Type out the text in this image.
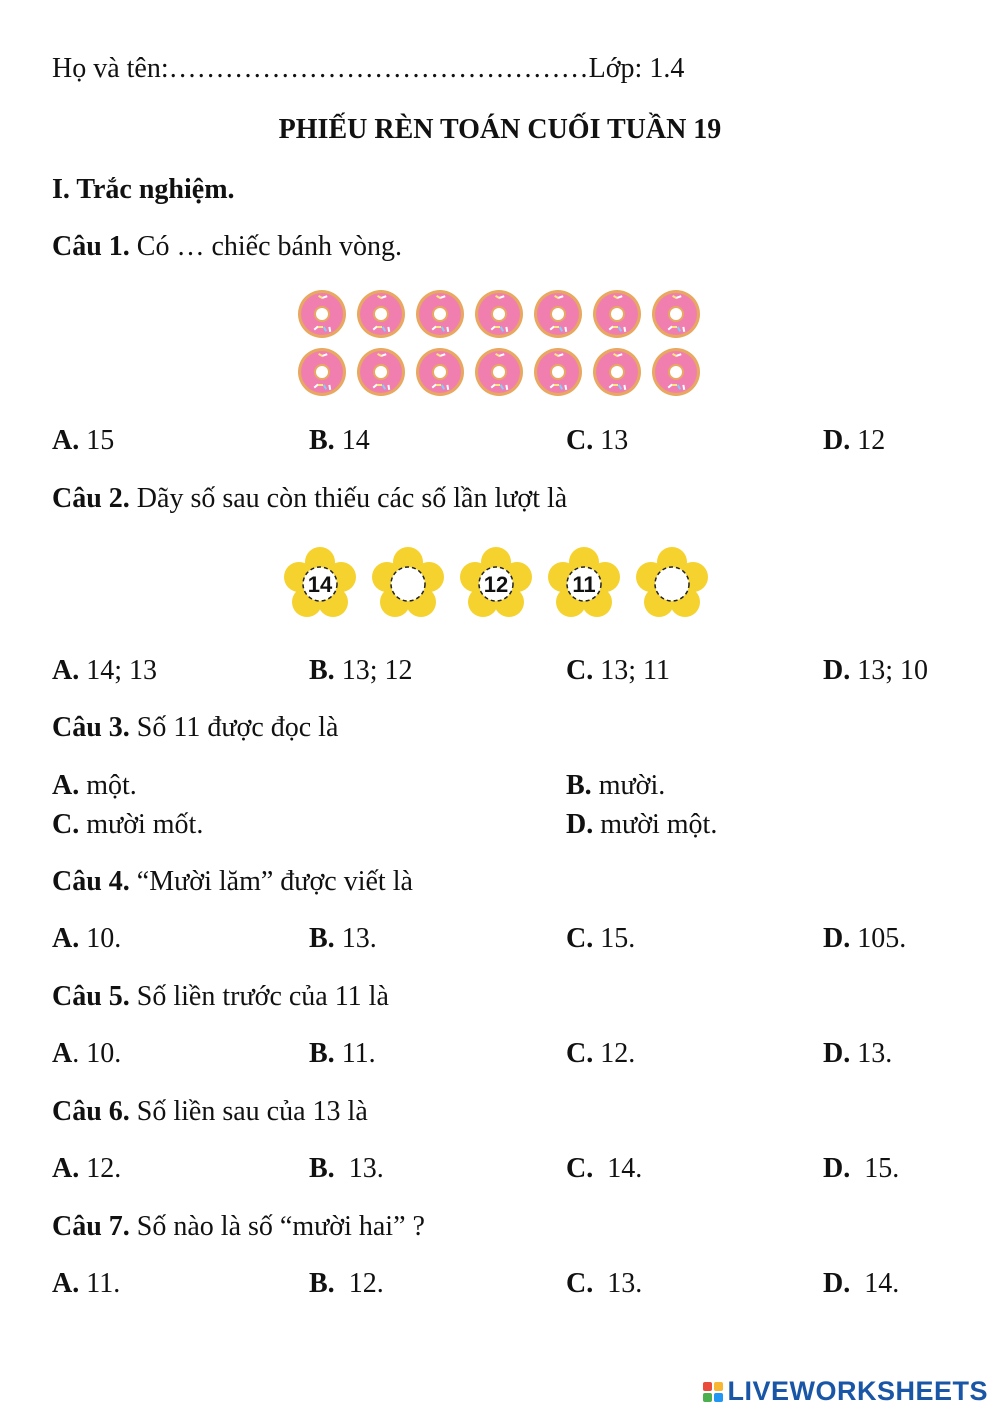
Họ và tên:………………………………………Lớp: 1.4
PHIẾU RÈN TOÁN CUỐI TUẦN 19
I. Trắc nghiệm.
Câu 1. Có … chiếc bánh vòng.
A. 15	B. 14	C. 13	D. 12
Câu 2. Dãy số sau còn thiếu các số lần lượt là
14	12	11
A. 14; 13	B. 13; 12	C. 13; 11	D. 13; 10
Câu 3. Số 11 được đọc là
A. một.	B. mười.
C. mười mốt.	D. mười một.
Câu 4. “Mười lăm” được viết là
A. 10.	B. 13.	C. 15.	D. 105.
Câu 5. Số liền trước của 11 là
A. 10.	B. 11.	C. 12.	D. 13.
Câu 6. Số liền sau của 13 là
A. 12.	B.  13.	C.  14.	D.  15.
Câu 7. Số nào là số “mười hai” ?
A. 11.	B.  12.	C.  13.	D.  14.
LIVEWORKSHEETS
